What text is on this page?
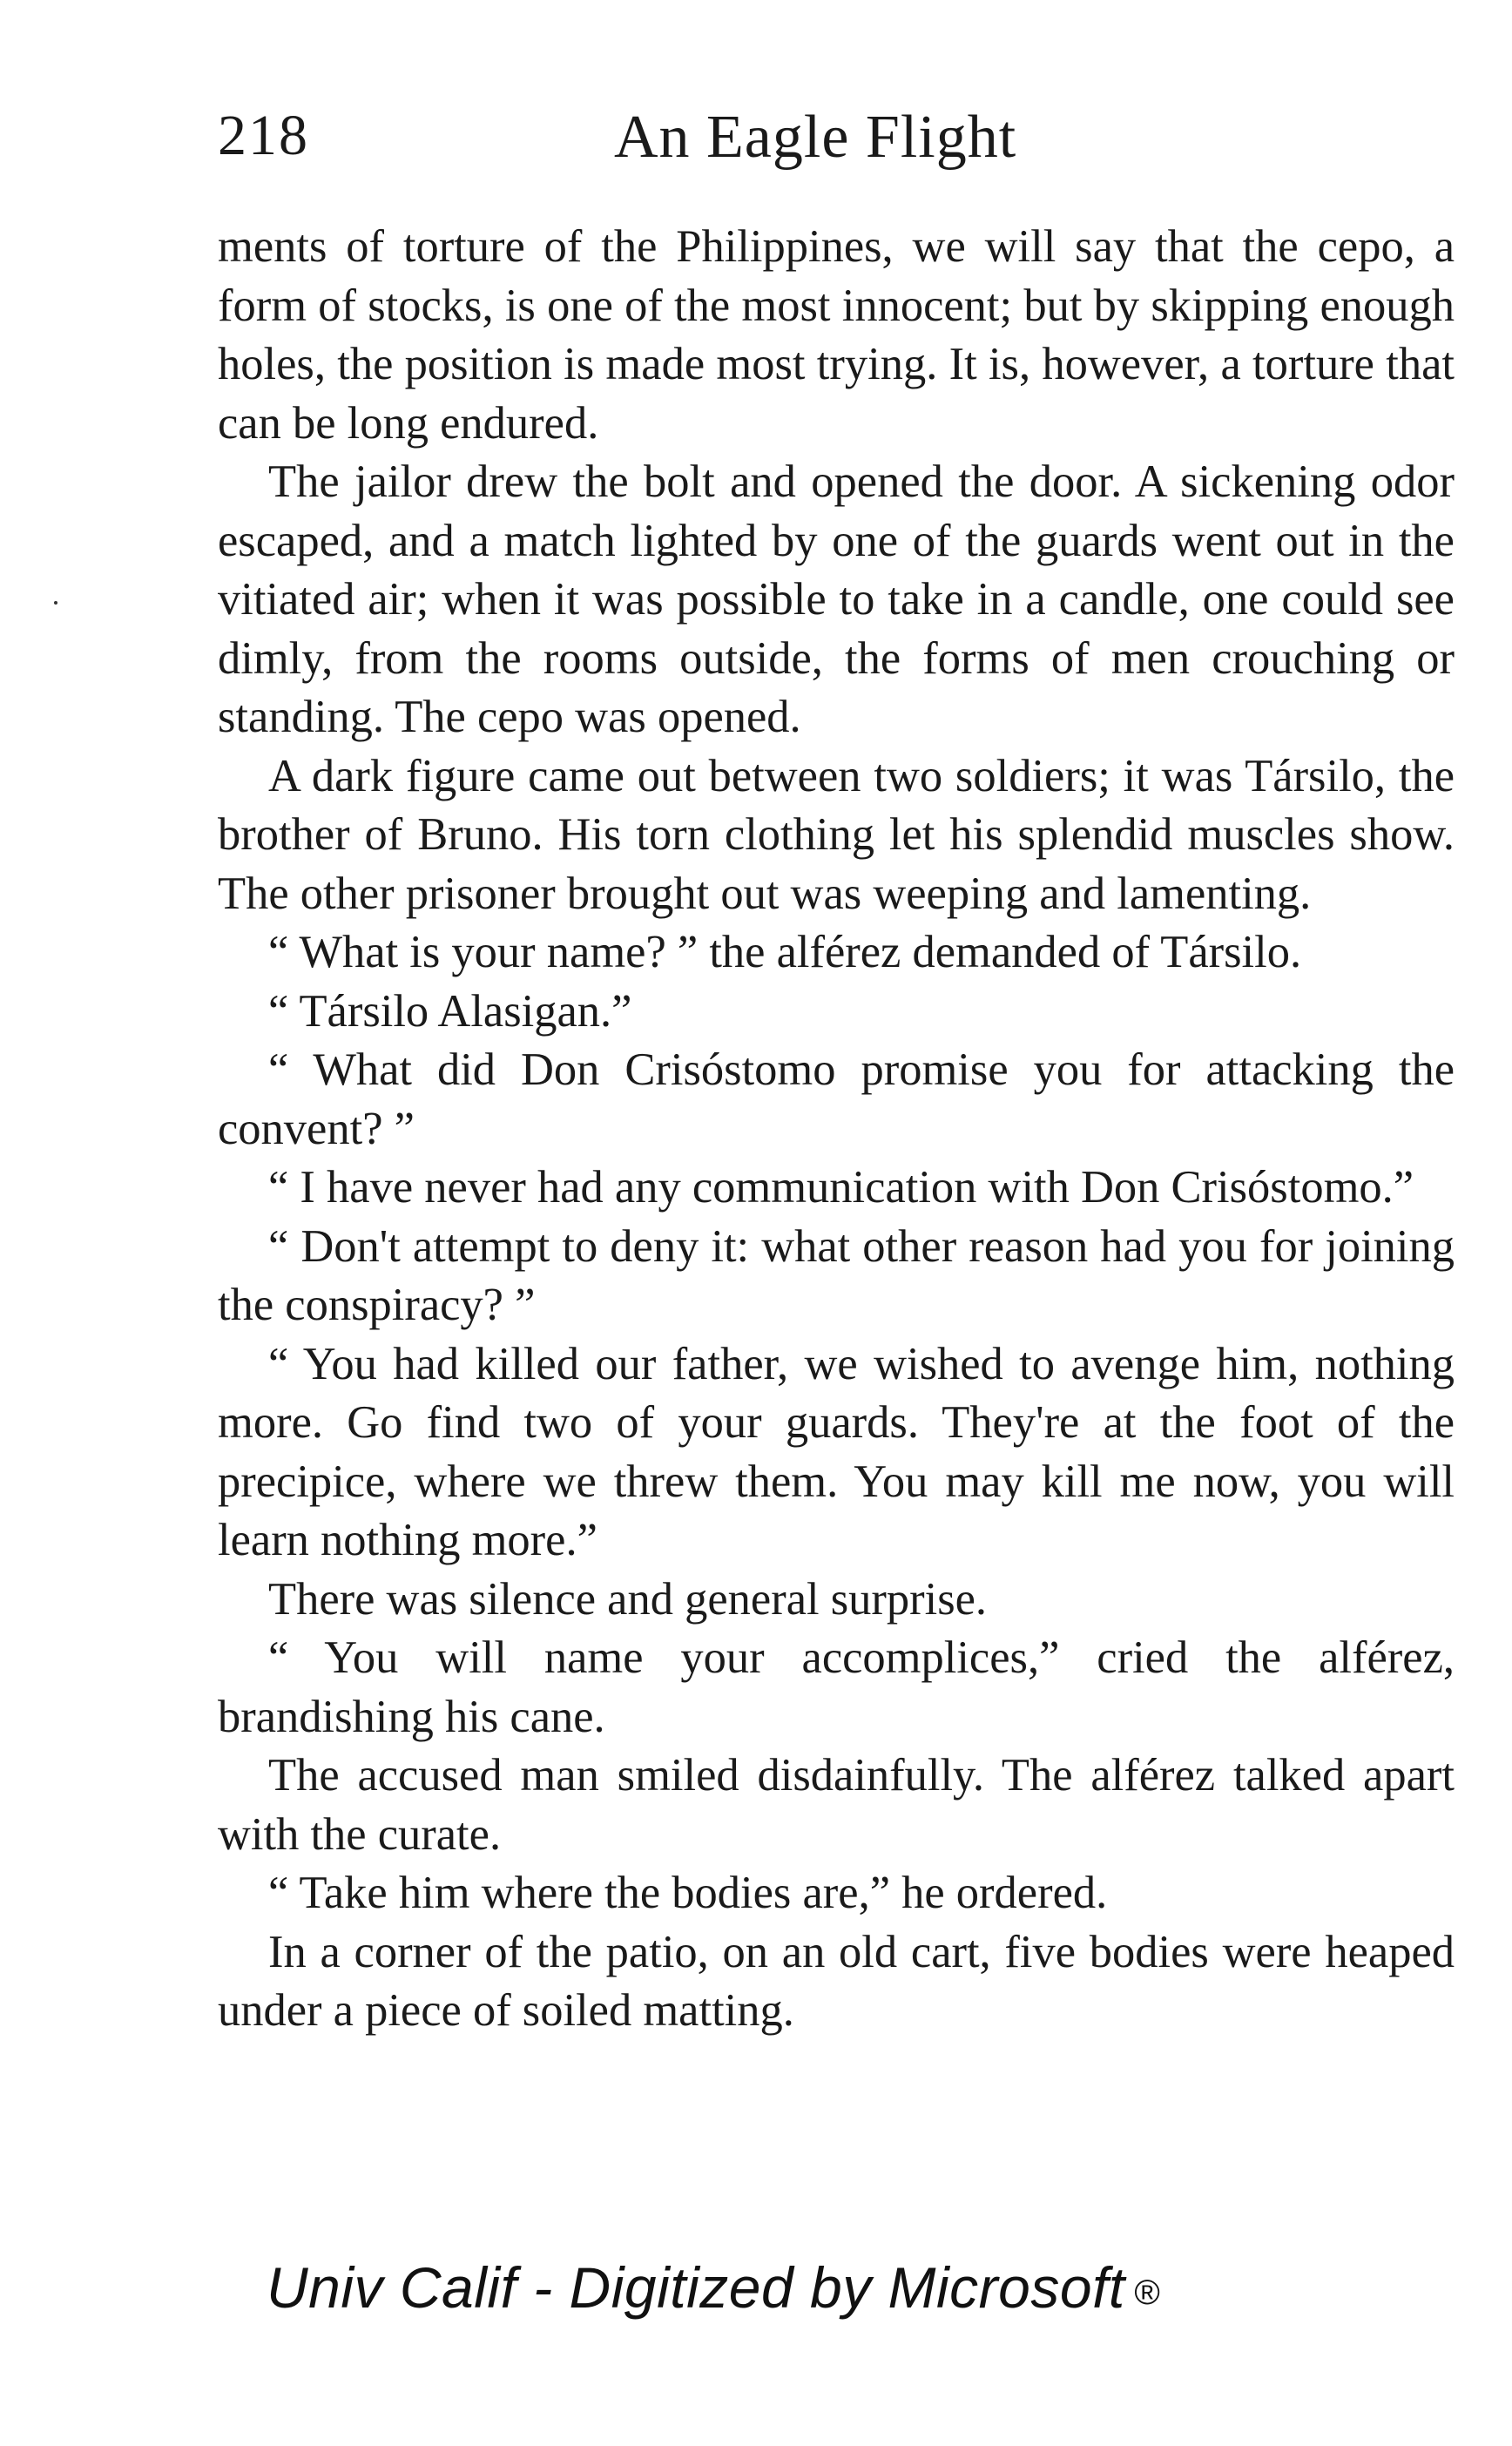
218	An Eagle Flight

ments of torture of the Philippines, we will say that the cepo, a form of stocks, is one of the most innocent; but by skipping enough holes, the position is made most trying. It is, however, a torture that can be long endured.

The jailor drew the bolt and opened the door. A sickening odor escaped, and a match lighted by one of the guards went out in the vitiated air; when it was possible to take in a candle, one could see dimly, from the rooms outside, the forms of men crouching or standing. The cepo was opened.

A dark figure came out between two soldiers; it was Társilo, the brother of Bruno. His torn clothing let his splendid muscles show. The other prisoner brought out was weeping and lamenting.

“ What is your name? ” the alférez demanded of Társilo.

“ Társilo Alasigan.”

“ What did Don Crisóstomo promise you for attacking the convent? ”

“ I have never had any communication with Don Crisóstomo.”

“ Don't attempt to deny it: what other reason had you for joining the conspiracy? ”

“ You had killed our father, we wished to avenge him, nothing more. Go find two of your guards. They're at the foot of the precipice, where we threw them. You may kill me now, you will learn nothing more.”

There was silence and general surprise.

“ You will name your accomplices,” cried the alférez, brandishing his cane.

The accused man smiled disdainfully. The alférez talked apart with the curate.

“ Take him where the bodies are,” he ordered.

In a corner of the patio, on an old cart, five bodies were heaped under a piece of soiled matting.

Univ Calif - Digitized by Microsoft ®
